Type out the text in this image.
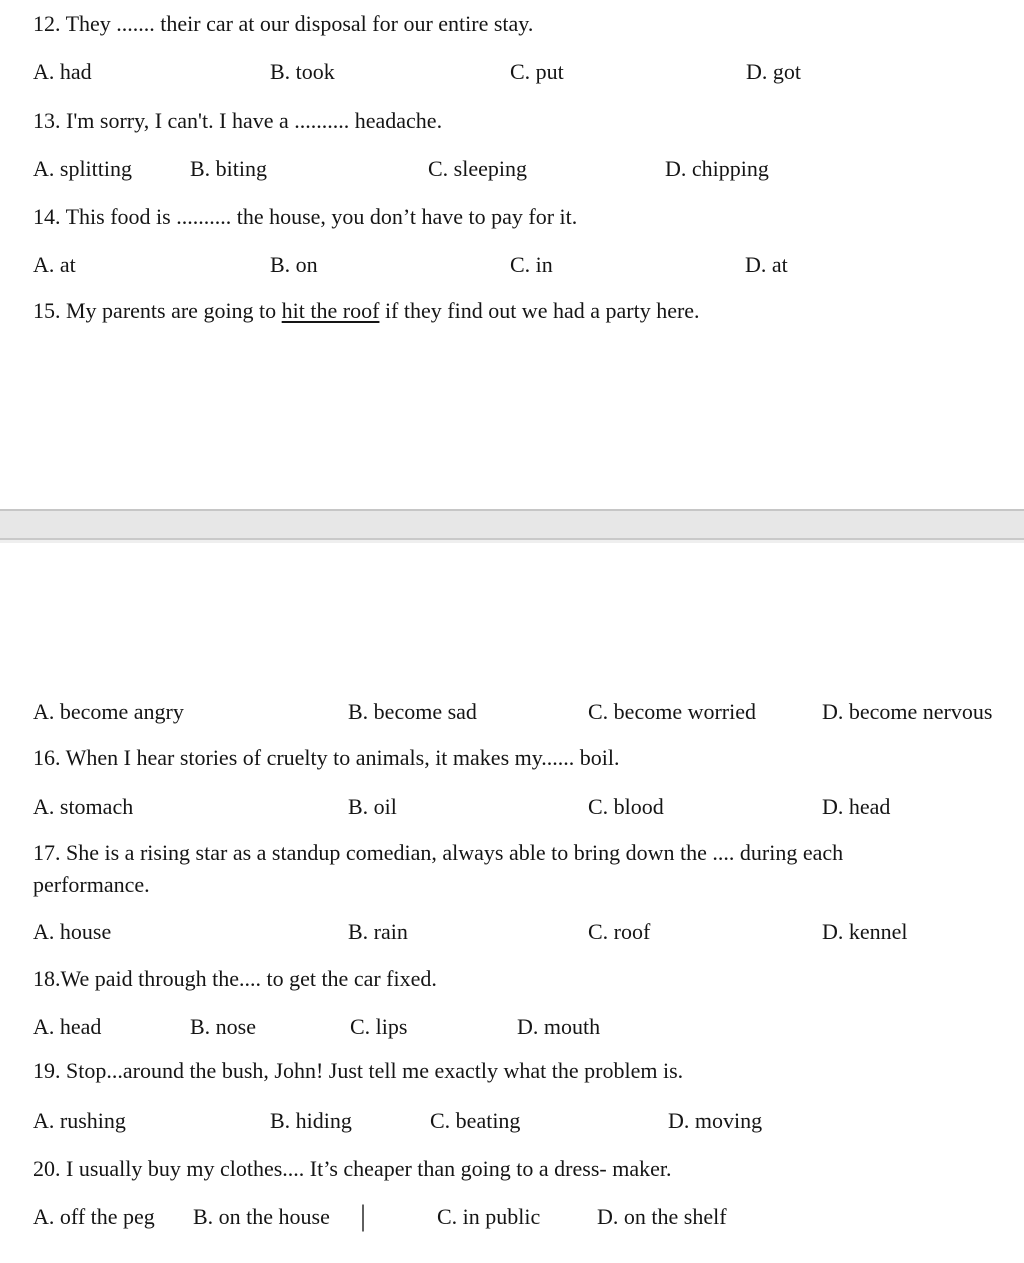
12. They ....... their car at our disposal for our entire stay.
A. had	B. took	C. put	D. got
13. I'm sorry, I can't. I have a .......... headache.
A. splitting	B. biting	C. sleeping	D. chipping
14. This food is .......... the house, you don’t have to pay for it.
A. at	B. on	C. in	D. at
15. My parents are going to hit the roof if they find out we had a party here.
A. become angry	B. become sad	C. become worried	D. become nervous
16. When I hear stories of cruelty to animals, it makes my...... boil.
A. stomach	B. oil	C. blood	D. head
17. She is a rising star as a standup comedian, always able to bring down the .... during each
performance.
A. house	B. rain	C. roof	D. kennel
18.We paid through the.... to get the car fixed.
A. head	B. nose	C. lips	D. mouth
19. Stop...around the bush, John! Just tell me exactly what the problem is.
A. rushing	B. hiding	C. beating	D. moving
20. I usually buy my clothes.... It’s cheaper than going to a dress- maker.
A. off the peg B. on the house |	C. in public	D. on the shelf
